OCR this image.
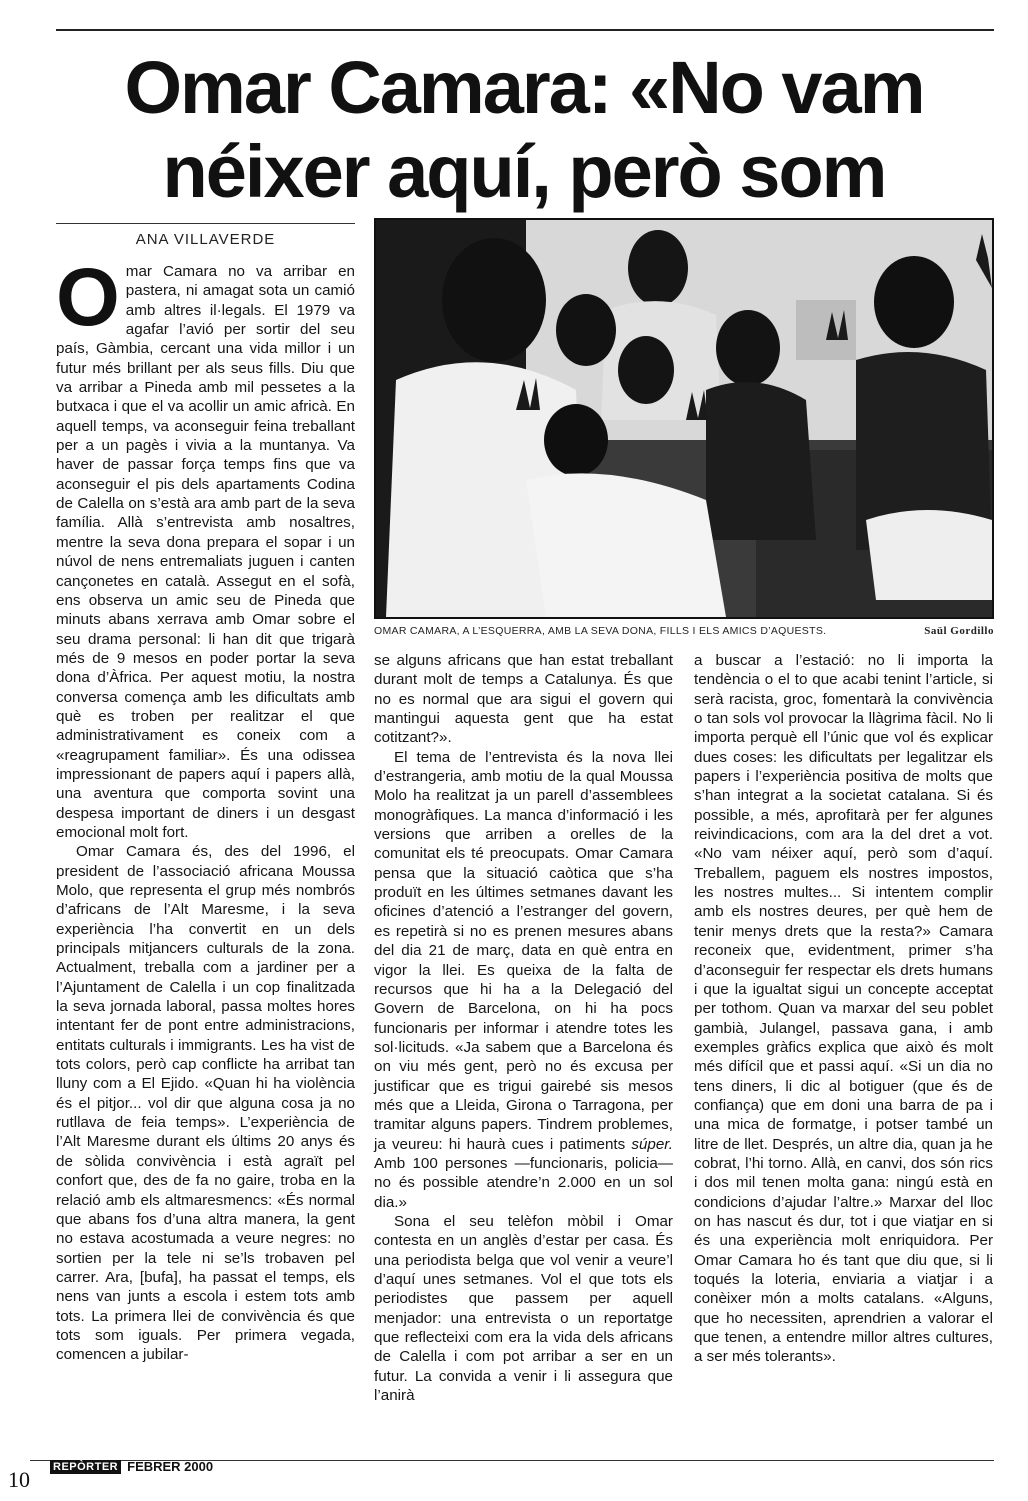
Omar Camara: «No vam
néixer aquí, però som
ANA VILLAVERDE

Omar Camara no va arribar en pastera, ni amagat sota un camió amb altres il·legals. El 1979 va agafar l’avió per sortir del seu país, Gàmbia, cercant una vida millor i un futur més brillant per als seus fills. Diu que va arribar a Pineda amb mil pessetes a la butxaca i que el va acollir un amic africà. En aquell temps, va aconseguir feina treballant per a un pagès i vivia a la muntanya. Va haver de passar força temps fins que va aconseguir el pis dels apartaments Codina de Calella on s’està ara amb part de la seva família. Allà s’entrevista amb nosaltres, mentre la seva dona prepara el sopar i un núvol de nens entremaliats juguen i canten cançonetes en català. Assegut en el sofà, ens observa un amic seu de Pineda que minuts abans xerrava amb Omar sobre el seu drama personal: li han dit que trigarà més de 9 mesos en poder portar la seva dona d’Àfrica. Per aquest motiu, la nostra conversa comença amb les dificultats amb què es troben per realitzar el que administrativament es coneix com a «reagrupament familiar». És una odissea impressionant de papers aquí i papers allà, una aventura que comporta sovint una despesa important de diners i un desgast emocional molt fort.

Omar Camara és, des del 1996, el president de l’associació africana Moussa Molo, que representa el grup més nombrós d’africans de l’Alt Maresme, i la seva experiència l’ha convertit en un dels principals mitjancers culturals de la zona. Actualment, treballa com a jardiner per a l’Ajuntament de Calella i un cop finalitzada la seva jornada laboral, passa moltes hores intentant fer de pont entre administracions, entitats culturals i immigrants. Les ha vist de tots colors, però cap conflicte ha arribat tan lluny com a El Ejido. «Quan hi ha violència és el pitjor... vol dir que alguna cosa ja no rutllava de feia temps». L’experiència de l’Alt Maresme durant els últims 20 anys és de sòlida convivència i està agraït pel confort que, des de fa no gaire, troba en la relació amb els altmaresmencs: «És normal que abans fos d’una altra manera, la gent no estava acostumada a veure negres: no sortien per la tele ni se’ls trobaven pel carrer. Ara, [bufa], ha passat el temps, els nens van junts a escola i estem tots amb tots. La primera llei de convivència és que tots som iguals. Per primera vegada, comencen a jubilar-

OMAR CAMARA, A L’ESQUERRA, AMB LA SEVA DONA, FILLS I ELS AMICS D’AQUESTS.	Saül Gordillo

se alguns africans que han estat treballant durant molt de temps a Catalunya. És que no es normal que ara sigui el govern qui mantingui aquesta gent que ha estat cotitzant?».

El tema de l’entrevista és la nova llei d’estrangeria, amb motiu de la qual Moussa Molo ha realitzat ja un parell d’assemblees monogràfiques. La manca d’informació i les versions que arriben a orelles de la comunitat els té preocupats. Omar Camara pensa que la situació caòtica que s’ha produït en les últimes setmanes davant les oficines d’atenció a l’estranger del govern, es repetirà si no es prenen mesures abans del dia 21 de març, data en què entra en vigor la llei. Es queixa de la falta de recursos que hi ha a la Delegació del Govern de Barcelona, on hi ha pocs funcionaris per informar i atendre totes les sol·licituds. «Ja sabem que a Barcelona és on viu més gent, però no és excusa per justificar que es trigui gairebé sis mesos més que a Lleida, Girona o Tarragona, per tramitar alguns papers. Tindrem problemes, ja veureu: hi haurà cues i patiments súper. Amb 100 persones —funcionaris, policia— no és possible atendre’n 2.000 en un sol dia.»

Sona el seu telèfon mòbil i Omar contesta en un anglès d’estar per casa. És una periodista belga que vol venir a veure’l d’aquí unes setmanes. Vol el que tots els periodistes que passem per aquell menjador: una entrevista o un reportatge que reflecteixi com era la vida dels africans de Calella i com pot arribar a ser en un futur. La convida a venir i li assegura que l’anirà

a buscar a l’estació: no li importa la tendència o el to que acabi tenint l’article, si serà racista, groc, fomentarà la convivència o tan sols vol provocar la llàgrima fàcil. No li importa perquè ell l’únic que vol és explicar dues coses: les dificultats per legalitzar els papers i l’experiència positiva de molts que s’han integrat a la societat catalana. Si és possible, a més, aprofitarà per fer algunes reivindicacions, com ara la del dret a vot. «No vam néixer aquí, però som d’aquí. Treballem, paguem els nostres impostos, les nostres multes... Si intentem complir amb els nostres deures, per què hem de tenir menys drets que la resta?» Camara reconeix que, evidentment, primer s’ha d’aconseguir fer respectar els drets humans i que la igualtat sigui un concepte acceptat per tothom. Quan va marxar del seu poblet gambià, Julangel, passava gana, i amb exemples gràfics explica que això és molt més difícil que et passi aquí. «Si un dia no tens diners, li dic al botiguer (que és de confiança) que em doni una barra de pa i una mica de formatge, i potser també un litre de llet. Després, un altre dia, quan ja he cobrat, l’hi torno. Allà, en canvi, dos són rics i dos mil tenen molta gana: ningú està en condicions d’ajudar l’altre.» Marxar del lloc on has nascut és dur, tot i que viatjar en si és una experiència molt enriquidora. Per Omar Camara ho és tant que diu que, si li toqués la loteria, enviaria a viatjar i a conèixer món a molts catalans. «Alguns, que ho necessiten, aprendrien a valorar el que tenen, a entendre millor altres cultures, a ser més tolerants».

REPÒRTER FEBRER 2000
10
